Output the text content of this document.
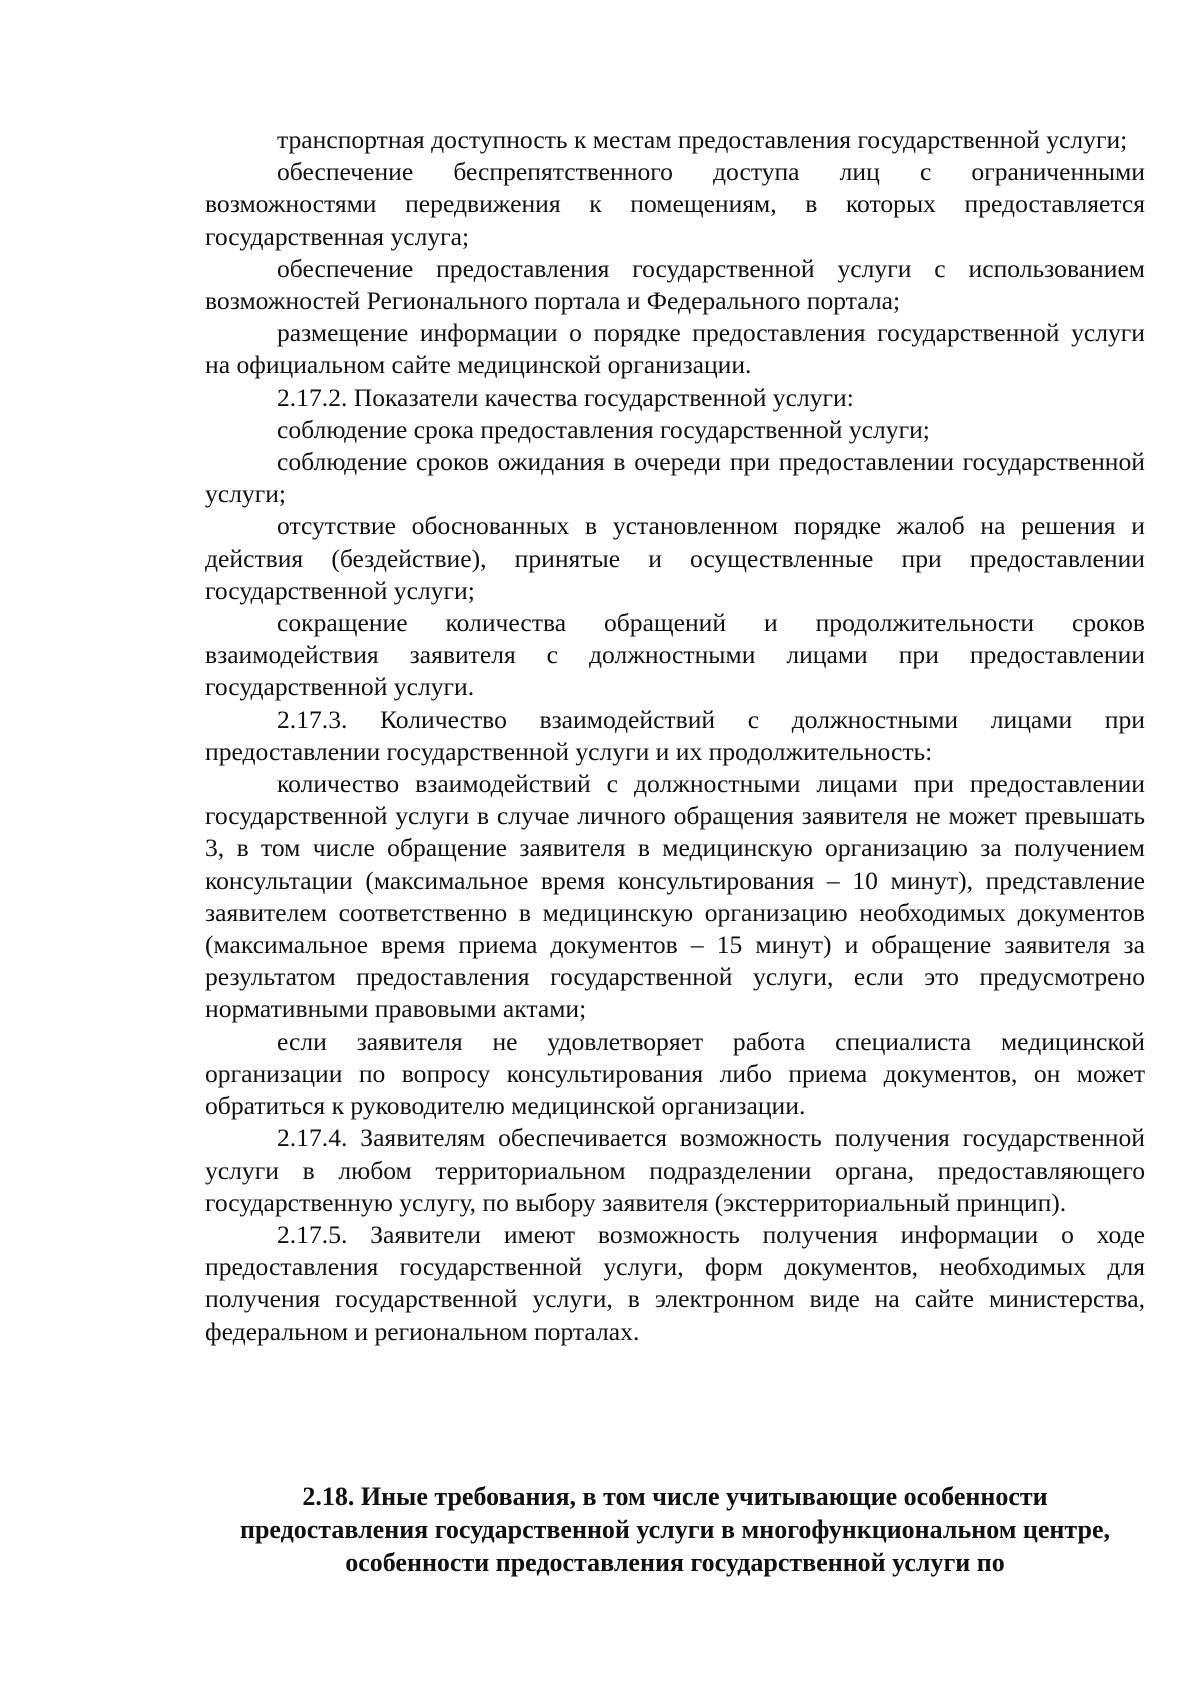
транспортная доступность к местам предоставления государственной услуги;

обеспечение беспрепятственного доступа лиц с ограниченными возможностями передвижения к помещениям, в которых предоставляется государственная услуга;

обеспечение предоставления государственной услуги с использованием возможностей Регионального портала и Федерального портала;

размещение информации о порядке предоставления государственной услуги на официальном сайте медицинской организации.

2.17.2. Показатели качества государственной услуги:

соблюдение срока предоставления государственной услуги;

соблюдение сроков ожидания в очереди при предоставлении государственной услуги;

отсутствие обоснованных в установленном порядке жалоб на решения и действия (бездействие), принятые и осуществленные при предоставлении государственной услуги;

сокращение количества обращений и продолжительности сроков взаимодействия заявителя с должностными лицами при предоставлении государственной услуги.

2.17.3. Количество взаимодействий с должностными лицами при предоставлении государственной услуги и их продолжительность:

количество взаимодействий с должностными лицами при предоставлении государственной услуги в случае личного обращения заявителя не может превышать 3, в том числе обращение заявителя в медицинскую организацию за получением консультации (максимальное время консультирования – 10 минут), представление заявителем соответственно в медицинскую организацию необходимых документов (максимальное время приема документов – 15 минут) и обращение заявителя за результатом предоставления государственной услуги, если это предусмотрено нормативными правовыми актами;

если заявителя не удовлетворяет работа специалиста медицинской организации по вопросу консультирования либо приема документов, он может обратиться к руководителю медицинской организации.

2.17.4. Заявителям обеспечивается возможность получения государственной услуги в любом территориальном подразделении органа, предоставляющего государственную услугу, по выбору заявителя (экстерриториальный принцип).

2.17.5. Заявители имеют возможность получения информации о ходе предоставления государственной услуги, форм документов, необходимых для получения государственной услуги, в электронном виде на сайте министерства, федеральном и региональном порталах.

2.18. Иные требования, в том числе учитывающие особенности предоставления государственной услуги в многофункциональном центре, особенности предоставления государственной услуги по
